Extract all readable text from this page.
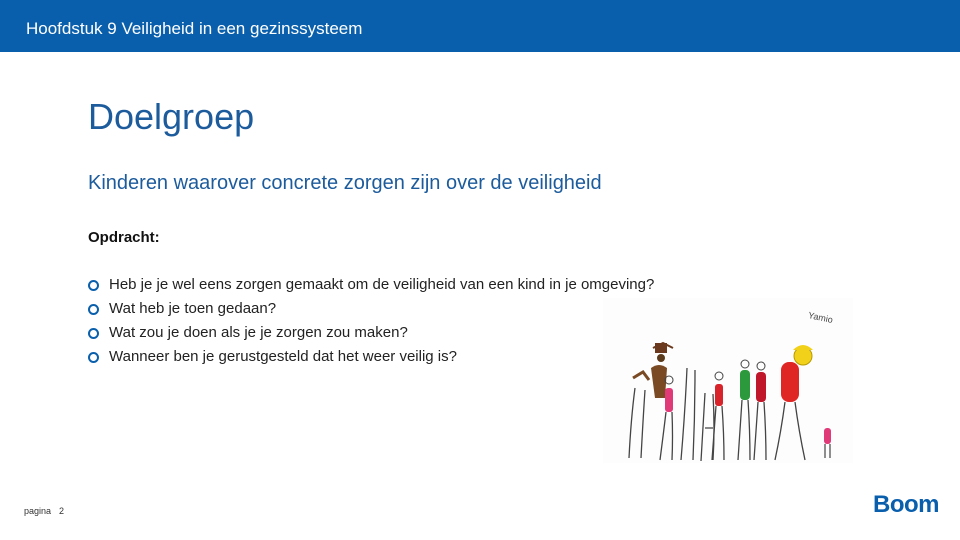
Hoofdstuk 9 Veiligheid in een gezinssysteem
Doelgroep
Kinderen waarover concrete zorgen zijn over de veiligheid
Opdracht:
Heb je je wel eens zorgen gemaakt om de veiligheid van een kind in je omgeving?
Wat heb je toen gedaan?
Wat zou je doen als je je zorgen zou maken?
Wanneer ben je gerustgesteld dat het weer veilig is?
Yamio
pagina 2	Boom
